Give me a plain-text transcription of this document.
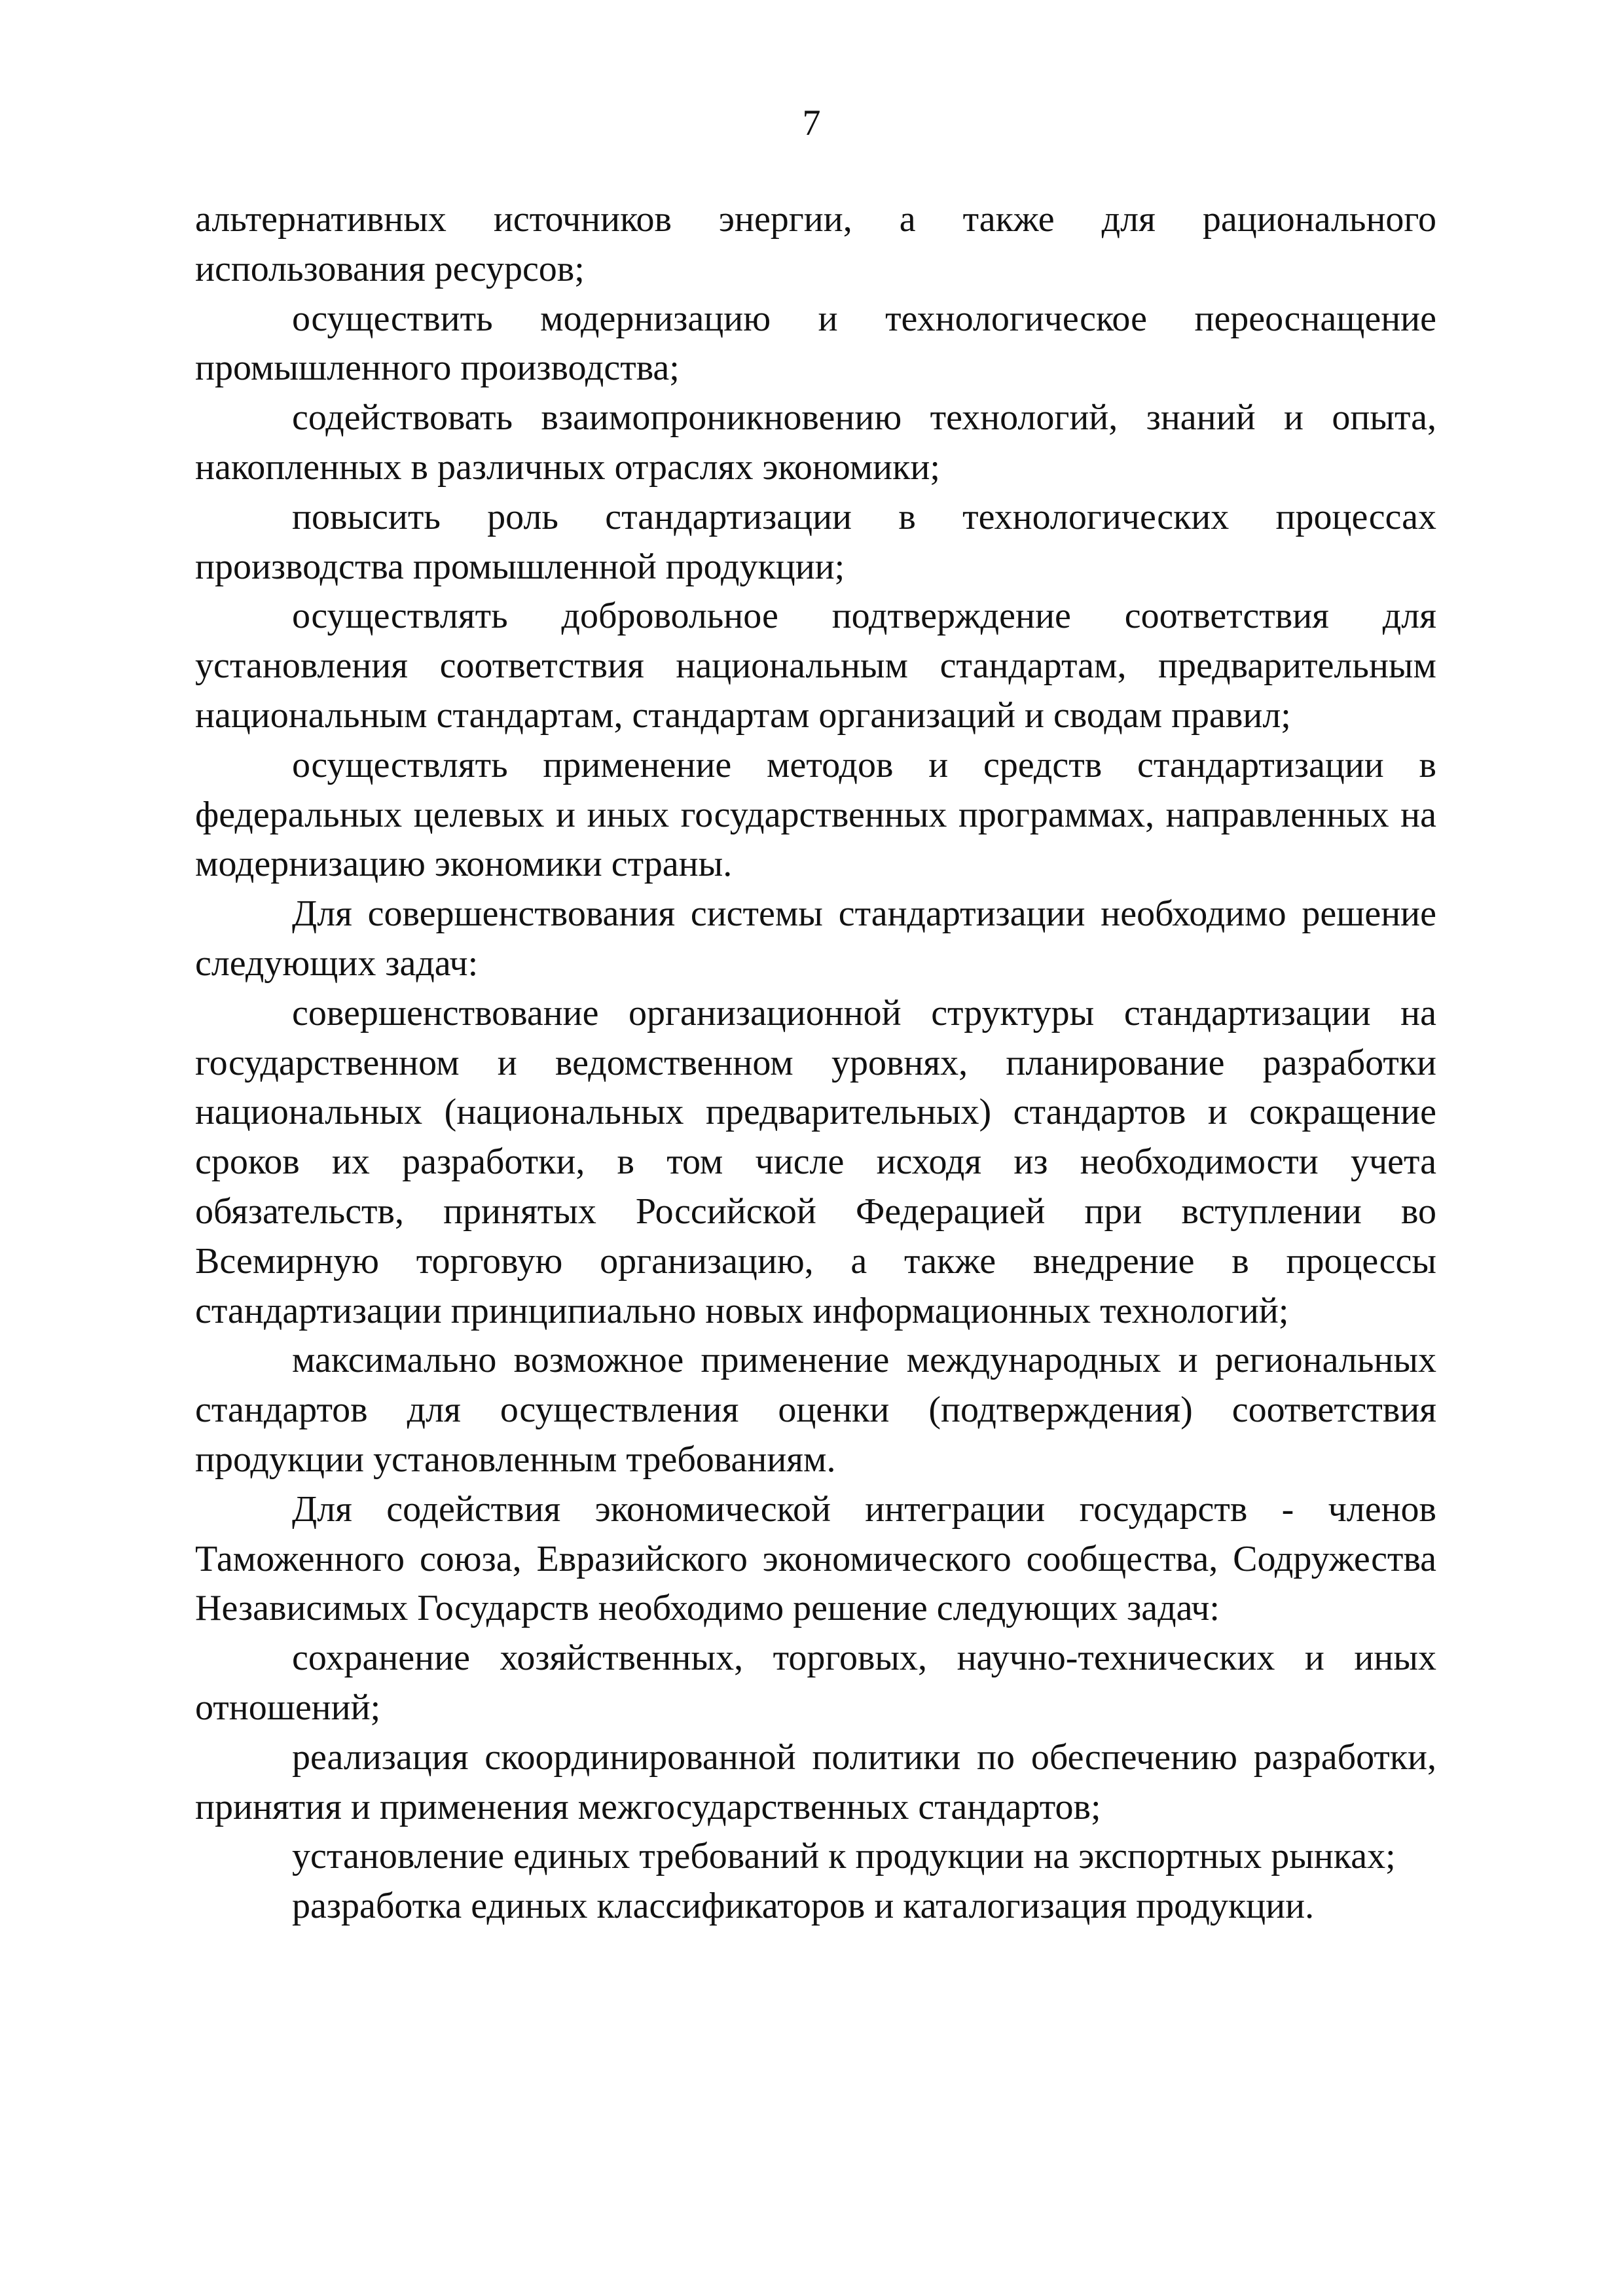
7

альтернативных источников энергии, а также для рационального использования ресурсов;

осуществить модернизацию и технологическое переоснащение промышленного производства;

содействовать взаимопроникновению технологий, знаний и опыта, накопленных в различных отраслях экономики;

повысить роль стандартизации в технологических процессах производства промышленной продукции;

осуществлять добровольное подтверждение соответствия для установления соответствия национальным стандартам, предварительным национальным стандартам, стандартам организаций и сводам правил;

осуществлять применение методов и средств стандартизации в федеральных целевых и иных государственных программах, направленных на модернизацию экономики страны.

Для совершенствования системы стандартизации необходимо решение следующих задач:

совершенствование организационной структуры стандартизации на государственном и ведомственном уровнях, планирование разработки национальных (национальных предварительных) стандартов и сокращение сроков их разработки, в том числе исходя из необходимости учета обязательств, принятых Российской Федерацией при вступлении во Всемирную торговую организацию, а также внедрение в процессы стандартизации принципиально новых информационных технологий;

максимально возможное применение международных и региональных стандартов для осуществления оценки (подтверждения) соответствия продукции установленным требованиям.

Для содействия экономической интеграции государств - членов Таможенного союза, Евразийского экономического сообщества, Содружества Независимых Государств необходимо решение следующих задач:

сохранение хозяйственных, торговых, научно-технических и иных отношений;

реализация скоординированной политики по обеспечению разработки, принятия и применения межгосударственных стандартов;

установление единых требований к продукции на экспортных рынках;

разработка единых классификаторов и каталогизация продукции.
